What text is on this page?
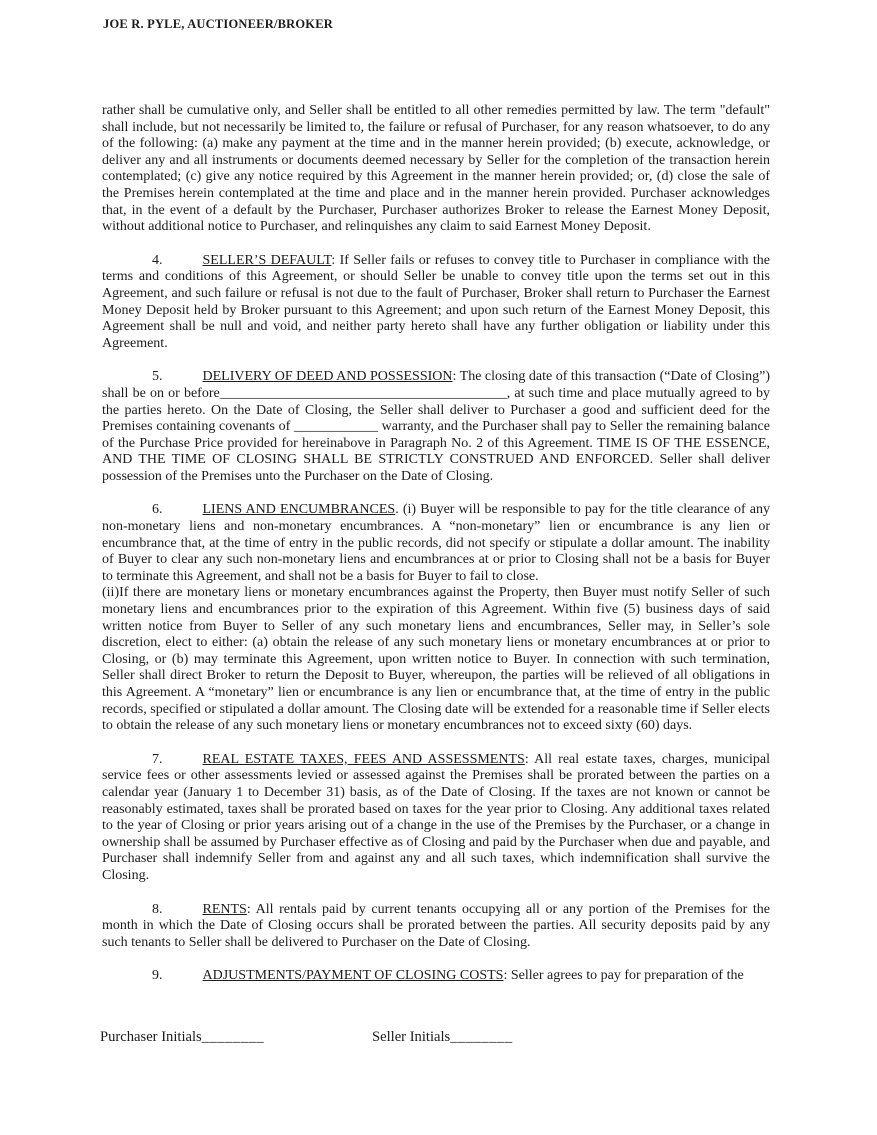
JOE R. PYLE, AUCTIONEER/BROKER

rather shall be cumulative only, and Seller shall be entitled to all other remedies permitted by law. The term "default" shall include, but not necessarily be limited to, the failure or refusal of Purchaser, for any reason whatsoever, to do any of the following: (a) make any payment at the time and in the manner herein provided; (b) execute, acknowledge, or deliver any and all instruments or documents deemed necessary by Seller for the completion of the transaction herein contemplated; (c) give any notice required by this Agreement in the manner herein provided; or, (d) close the sale of the Premises herein contemplated at the time and place and in the manner herein provided. Purchaser acknowledges that, in the event of a default by the Purchaser, Purchaser authorizes Broker to release the Earnest Money Deposit, without additional notice to Purchaser, and relinquishes any claim to said Earnest Money Deposit.

4.	SELLER’S DEFAULT: If Seller fails or refuses to convey title to Purchaser in compliance with the terms and conditions of this Agreement, or should Seller be unable to convey title upon the terms set out in this Agreement, and such failure or refusal is not due to the fault of Purchaser, Broker shall return to Purchaser the Earnest Money Deposit held by Broker pursuant to this Agreement; and upon such return of the Earnest Money Deposit, this Agreement shall be null and void, and neither party hereto shall have any further obligation or liability under this Agreement.

5.	DELIVERY OF DEED AND POSSESSION: The closing date of this transaction (“Date of Closing”) shall be on or before_________________________________________, at such time and place mutually agreed to by the parties hereto. On the Date of Closing, the Seller shall deliver to Purchaser a good and sufficient deed for the Premises containing covenants of ____________ warranty, and the Purchaser shall pay to Seller the remaining balance of the Purchase Price provided for hereinabove in Paragraph No. 2 of this Agreement. TIME IS OF THE ESSENCE, AND THE TIME OF CLOSING SHALL BE STRICTLY CONSTRUED AND ENFORCED. Seller shall deliver possession of the Premises unto the Purchaser on the Date of Closing.

6.	LIENS AND ENCUMBRANCES. (i) Buyer will be responsible to pay for the title clearance of any non-monetary liens and non-monetary encumbrances. A “non-monetary” lien or encumbrance is any lien or encumbrance that, at the time of entry in the public records, did not specify or stipulate a dollar amount. The inability of Buyer to clear any such non-monetary liens and encumbrances at or prior to Closing shall not be a basis for Buyer to terminate this Agreement, and shall not be a basis for Buyer to fail to close.
(ii)If there are monetary liens or monetary encumbrances against the Property, then Buyer must notify Seller of such monetary liens and encumbrances prior to the expiration of this Agreement. Within five (5) business days of said written notice from Buyer to Seller of any such monetary liens and encumbrances, Seller may, in Seller’s sole discretion, elect to either: (a) obtain the release of any such monetary liens or monetary encumbrances at or prior to Closing, or (b) may terminate this Agreement, upon written notice to Buyer. In connection with such termination, Seller shall direct Broker to return the Deposit to Buyer, whereupon, the parties will be relieved of all obligations in this Agreement. A “monetary” lien or encumbrance is any lien or encumbrance that, at the time of entry in the public records, specified or stipulated a dollar amount. The Closing date will be extended for a reasonable time if Seller elects to obtain the release of any such monetary liens or monetary encumbrances not to exceed sixty (60) days.

7.	REAL ESTATE TAXES, FEES AND ASSESSMENTS: All real estate taxes, charges, municipal service fees or other assessments levied or assessed against the Premises shall be prorated between the parties on a calendar year (January 1 to December 31) basis, as of the Date of Closing. If the taxes are not known or cannot be reasonably estimated, taxes shall be prorated based on taxes for the year prior to Closing. Any additional taxes related to the year of Closing or prior years arising out of a change in the use of the Premises by the Purchaser, or a change in ownership shall be assumed by Purchaser effective as of Closing and paid by the Purchaser when due and payable, and Purchaser shall indemnify Seller from and against any and all such taxes, which indemnification shall survive the Closing.

8.	RENTS: All rentals paid by current tenants occupying all or any portion of the Premises for the month in which the Date of Closing occurs shall be prorated between the parties. All security deposits paid by any such tenants to Seller shall be delivered to Purchaser on the Date of Closing.

9.	ADJUSTMENTS/PAYMENT OF CLOSING COSTS: Seller agrees to pay for preparation of the

Purchaser Initials________	Seller Initials________
